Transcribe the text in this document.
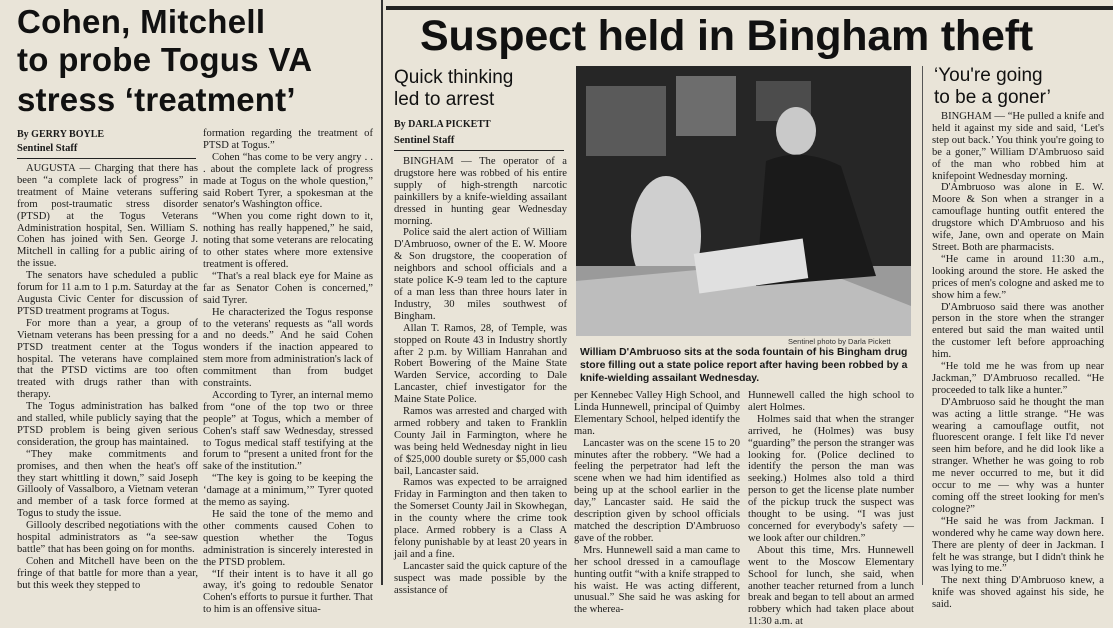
Cohen, Mitchell
to probe Togus VA
stress ‘treatment’
By GERRY BOYLE
Sentinel Staff

AUGUSTA — Charging that there has been “a complete lack of progress” in treatment of Maine veterans suffering from post-traumatic stress disorder (PTSD) at the Togus Veterans Administration hospital, Sen. William S. Cohen has joined with Sen. George J. Mitchell in calling for a public airing of the issue.

The senators have scheduled a public forum for 11 a.m to 1 p.m. Saturday at the Augusta Civic Center for discussion of PTSD treatment programs at Togus.

For more than a year, a group of Vietnam veterans has been pressing for a PTSD treatment center at the Togus hospital. The veterans have complained that the PTSD victims are too often treated with drugs rather than with therapy.

The Togus administration has balked and stalled, while publicly saying that the PTSD problem is being given serious consideration, the group has maintained.

“They make commitments and promises, and then when the heat's off they start whittling it down,” said Joseph Gillooly of Vassalboro, a Vietnam veteran and member of a task force formed at Togus to study the issue.

Gillooly described negotiations with the hospital administrators as “a see-saw battle” that has been going on for months.

Cohen and Mitchell have been on the fringe of that battle for more than a year, but this week they stepped to

formation regarding the treatment of PTSD at Togus.”

Cohen “has come to be very angry . . . about the complete lack of progress made at Togus on the whole question,” said Robert Tyrer, a spokesman at the senator's Washington office.

“When you come right down to it, nothing has really happened,” he said, noting that some veterans are relocating to other states where more extensive treatment is offered.

“That's a real black eye for Maine as far as Senator Cohen is concerned,” said Tyrer.

He characterized the Togus response to the veterans' requests as “all words and no deeds.” And he said Cohen wonders if the inaction appeared to stem more from administration's lack of commitment than from budget constraints.

According to Tyrer, an internal memo from “one of the top two or three people” at Togus, which a member of Cohen's staff saw Wednesday, stressed to Togus medical staff testifying at the forum to “present a united front for the sake of the institution.”

“The key is going to be keeping the ‘damage at a minimum,’” Tyrer quoted the memo as saying.

He said the tone of the memo and other comments caused Cohen to question whether the Togus administration is sincerely interested in the PTSD problem.

“If their intent is to have it all go away, it's going to redouble Senator Cohen's efforts to pursue it further. That to him is an offensive situa-

Suspect held in Bingham theft
Quick thinking
led to arrest
By DARLA PICKETT
Sentinel Staff

BINGHAM — The operator of a drugstore here was robbed of his entire supply of high-strength narcotic painkillers by a knife-wielding assailant dressed in hunting gear Wednesday morning.

Police said the alert action of William D'Ambruoso, owner of the E. W. Moore & Son drugstore, the cooperation of neighbors and school officials and a state police K-9 team led to the capture of a man less than three hours later in Industry, 30 miles southwest of Bingham.

Allan T. Ramos, 28, of Temple, was stopped on Route 43 in Industry shortly after 2 p.m. by William Hanrahan and Robert Bowering of the Maine State Warden Service, according to Dale Lancaster, chief investigator for the Maine State Police.

Ramos was arrested and charged with armed robbery and taken to Franklin County Jail in Farmington, where he was being held Wednesday night in lieu of $25,000 double surety or $5,000 cash bail, Lancaster said.

Ramos was expected to be arraigned Friday in Farmington and then taken to the Somerset County Jail in Skowhegan, in the county where the crime took place. Armed robbery is a Class A felony punishable by at least 20 years in jail and a fine.

Lancaster said the quick capture of the suspect was made possible by the assistance of

Sentinel photo by Darla Pickett
William D'Ambruoso sits at the soda fountain of his Bingham drug store filling out a state police report after having been robbed by a knife-wielding assailant Wednesday.

per Kennebec Valley High School, and Linda Hunnewell, principal of Quimby Elementary School, helped identify the man.

Lancaster was on the scene 15 to 20 minutes after the robbery. “We had a feeling the perpetrator had left the scene when we had him identified as being up at the school earlier in the day,” Lancaster said. He said the description given by school officials matched the description D'Ambruoso gave of the robber.

Mrs. Hunnewell said a man came to her school dressed in a camouflage hunting outfit “with a knife strapped to his waist. He was acting different, unusual.” She said he was asking for the wherea-

Hunnewell called the high school to alert Holmes.

Holmes said that when the stranger arrived, he (Holmes) was busy “guarding” the person the stranger was looking for. (Police declined to identify the person the man was seeking.) Holmes also told a third person to get the license plate number of the pickup truck the suspect was thought to be using. “I was just concerned for everybody's safety — we look after our children.”

About this time, Mrs. Hunnewell went to the Moscow Elementary School for lunch, she said, when another teacher returned from a lunch break and began to tell about an armed robbery which had taken place about 11:30 a.m. at

‘You're going
to be a goner’

BINGHAM — “He pulled a knife and held it against my side and said, ‘Let's step out back.’ You think you're going to be a goner,” William D'Ambruoso said of the man who robbed him at knifepoint Wednesday morning.

D'Ambruoso was alone in E. W. Moore & Son when a stranger in a camouflage hunting outfit entered the drugstore which D'Ambruoso and his wife, Jane, own and operate on Main Street. Both are pharmacists.

“He came in around 11:30 a.m., looking around the store. He asked the prices of men's cologne and asked me to show him a few.”

D'Ambruoso said there was another person in the store when the stranger entered but said the man waited until the customer left before approaching him.

“He told me he was from up near Jackman,” D'Ambruoso recalled. “He proceeded to talk like a hunter.”

D'Ambruoso said he thought the man was acting a little strange. “He was wearing a camouflage outfit, not fluorescent orange. I felt like I'd never seen him before, and he did look like a stranger. Whether he was going to rob me never occurred to me, but it did occur to me — why was a hunter coming off the street looking for men's cologne?”

“He said he was from Jackman. I wondered why he came way down here. There are plenty of deer in Jackman. I felt he was strange, but I didn't think he was lying to me.”

The next thing D'Ambruoso knew, a knife was shoved against his side, he said.
